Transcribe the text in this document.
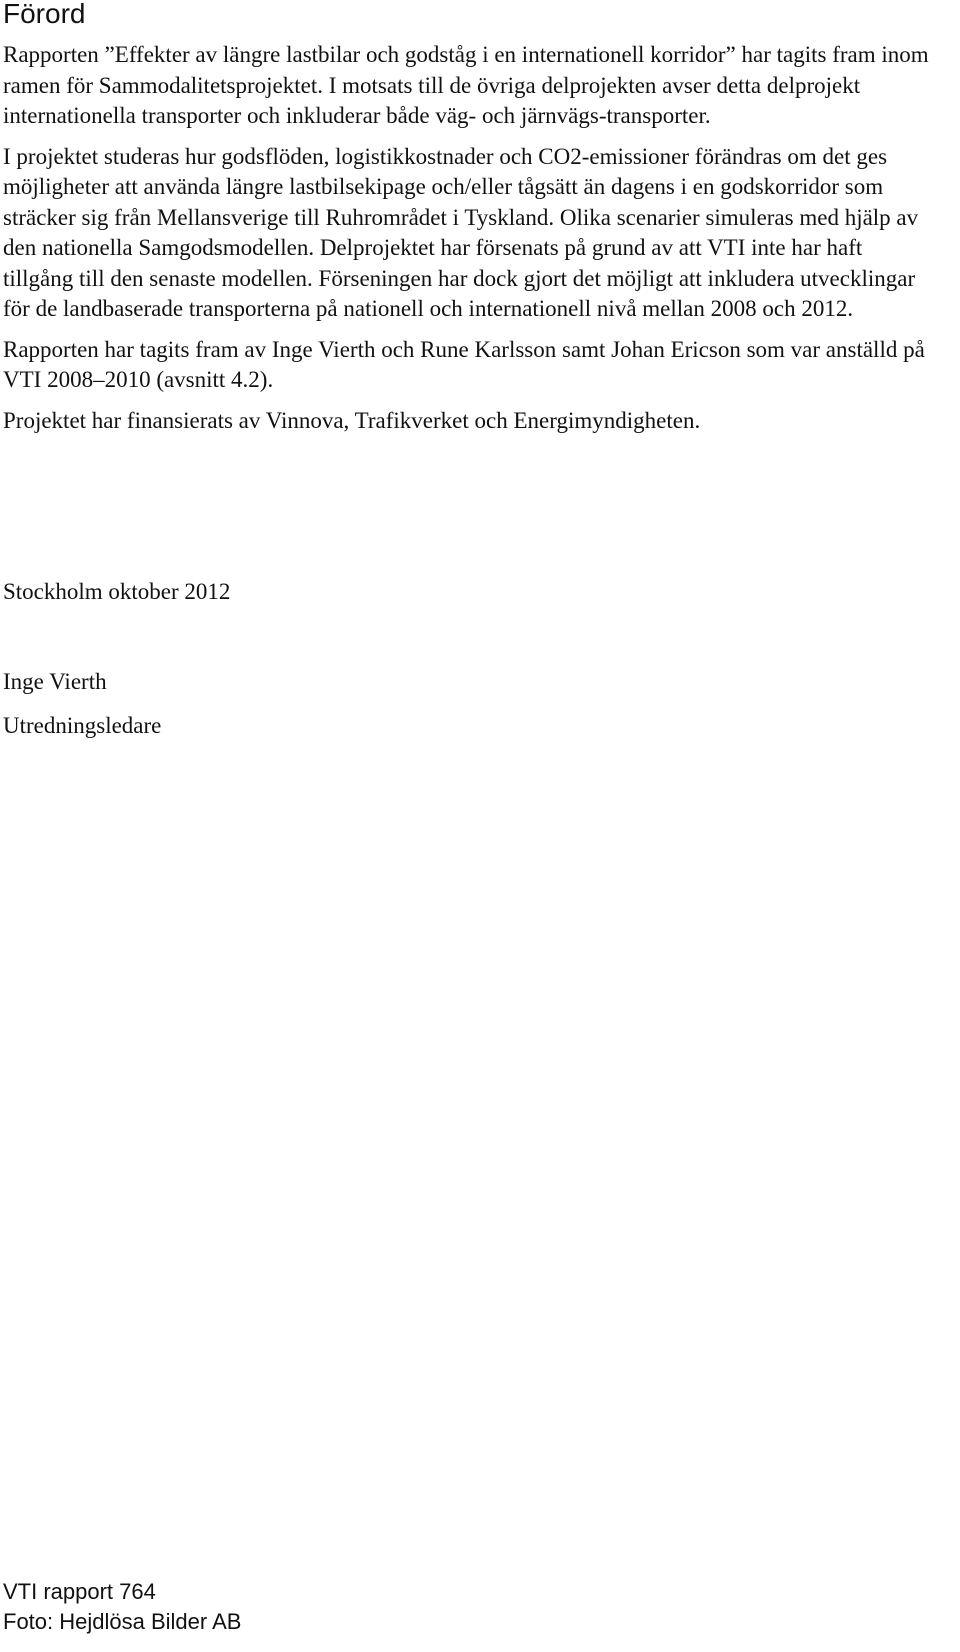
Förord

Rapporten ”Effekter av längre lastbilar och godståg i en internationell korridor” har tagits fram inom ramen för Sammodalitetsprojektet. I motsats till de övriga delprojekten avser detta delprojekt internationella transporter och inkluderar både väg- och järnvägs-transporter.

I projektet studeras hur godsflöden, logistikkostnader och CO2-emissioner förändras om det ges möjligheter att använda längre lastbilsekipage och/eller tågsätt än dagens i en godskorridor som sträcker sig från Mellansverige till Ruhrområdet i Tyskland. Olika scenarier simuleras med hjälp av den nationella Samgodsmodellen. Delprojektet har försenats på grund av att VTI inte har haft tillgång till den senaste modellen. Förseningen har dock gjort det möjligt att inkludera utvecklingar för de landbaserade transporterna på nationell och internationell nivå mellan 2008 och 2012.

Rapporten har tagits fram av Inge Vierth och Rune Karlsson samt Johan Ericson som var anställd på VTI 2008–2010 (avsnitt 4.2).

Projektet har finansierats av Vinnova, Trafikverket och Energimyndigheten.

Stockholm oktober 2012

Inge Vierth

Utredningsledare

VTI rapport 764
Foto: Hejdlösa Bilder AB
